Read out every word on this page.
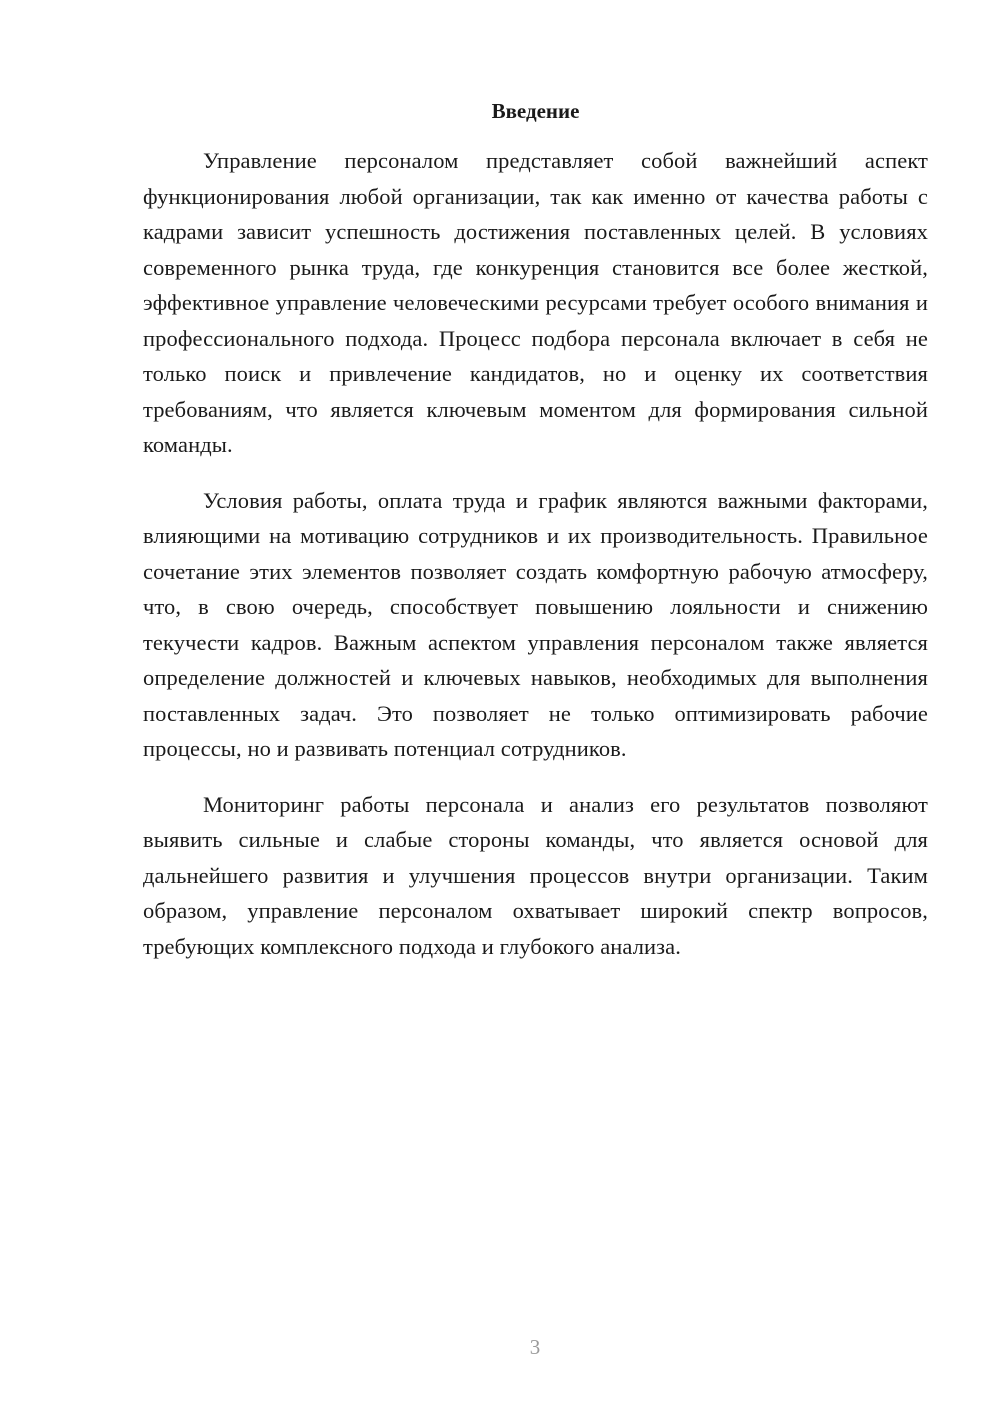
Введение

Управление персоналом представляет собой важнейший аспект функционирования любой организации, так как именно от качества работы с кадрами зависит успешность достижения поставленных целей. В условиях современного рынка труда, где конкуренция становится все более жесткой, эффективное управление человеческими ресурсами требует особого внимания и профессионального подхода. Процесс подбора персонала включает в себя не только поиск и привлечение кандидатов, но и оценку их соответствия требованиям, что является ключевым моментом для формирования сильной команды.

Условия работы, оплата труда и график являются важными факторами, влияющими на мотивацию сотрудников и их производительность. Правильное сочетание этих элементов позволяет создать комфортную рабочую атмосферу, что, в свою очередь, способствует повышению лояльности и снижению текучести кадров. Важным аспектом управления персоналом также является определение должностей и ключевых навыков, необходимых для выполнения поставленных задач. Это позволяет не только оптимизировать рабочие процессы, но и развивать потенциал сотрудников.

Мониторинг работы персонала и анализ его результатов позволяют выявить сильные и слабые стороны команды, что является основой для дальнейшего развития и улучшения процессов внутри организации. Таким образом, управление персоналом охватывает широкий спектр вопросов, требующих комплексного подхода и глубокого анализа.

3
